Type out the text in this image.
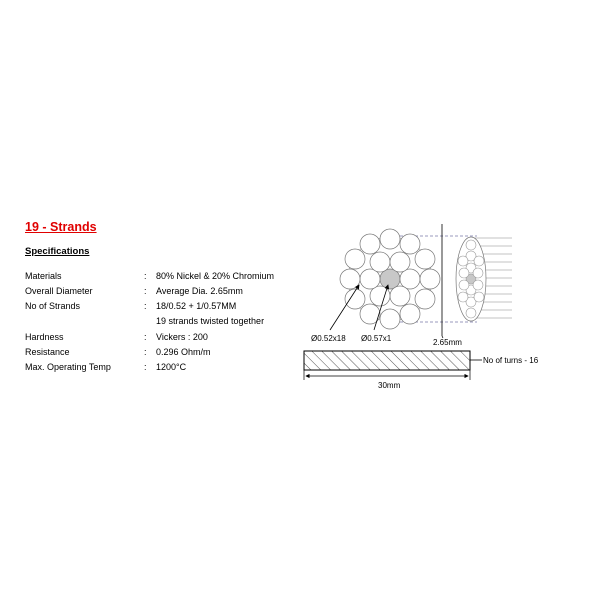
19 - Strands
Specifications
Materials	: 80% Nickel & 20% Chromium
Overall Diameter	: Average Dia. 2.65mm
No of Strands	: 18/0.52 + 1/0.57MM
19 strands twisted together
Hardness	: Vickers : 200
Resistance	: 0.296 Ohm/m
Max. Operating Temp	: 1200°C
Ø0.52x18 Ø0.57x1	2.65mm
No of turns - 16
30mm
